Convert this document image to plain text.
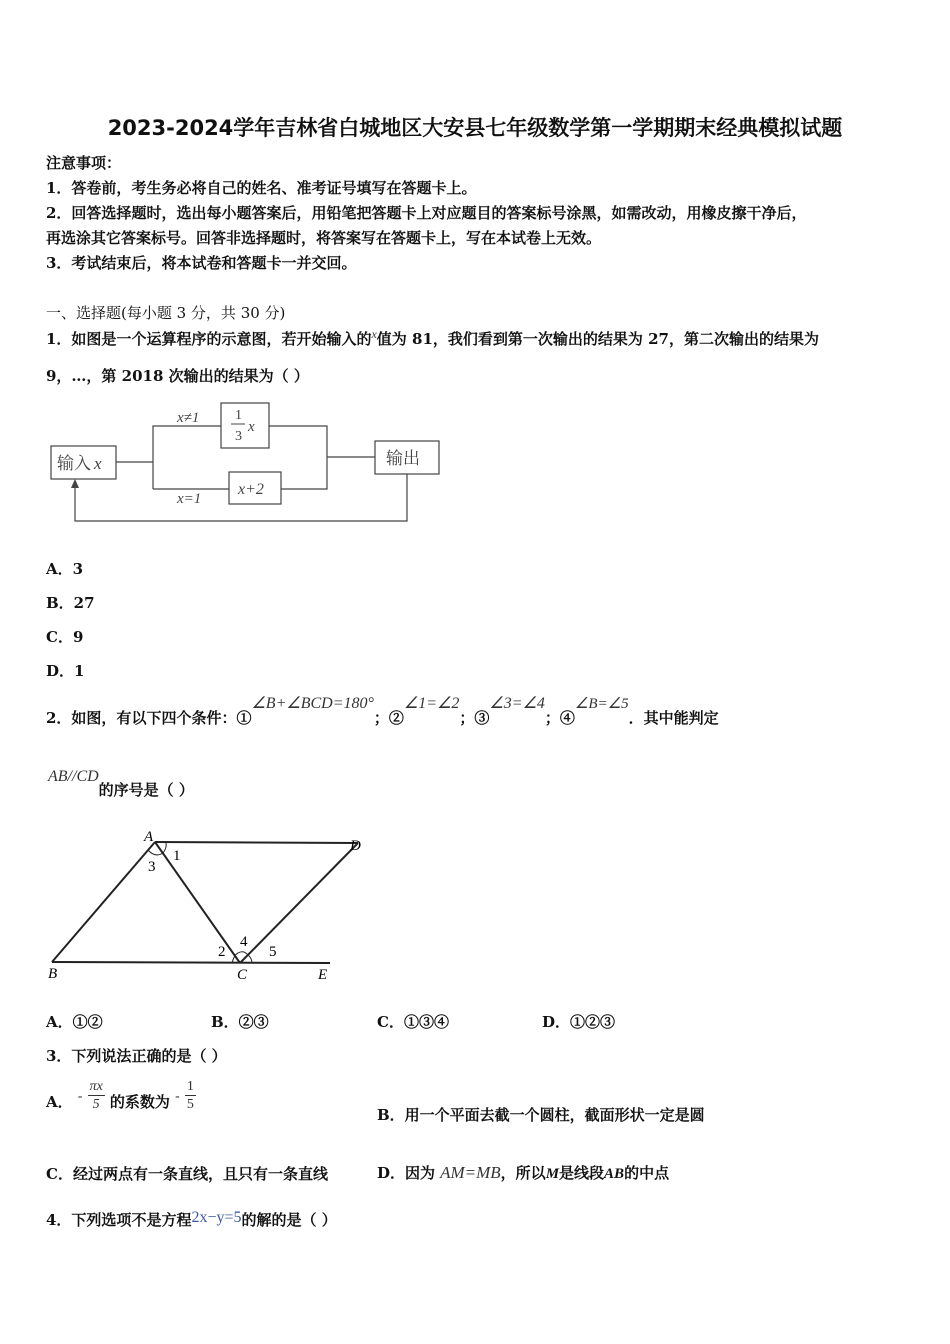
2023-2024学年吉林省白城地区大安县七年级数学第一学期期末经典模拟试题
注意事项：
1．答卷前，考生务必将自己的姓名、准考证号填写在答题卡上。
2．回答选择题时，选出每小题答案后，用铅笔把答题卡上对应题目的答案标号涂黑，如需改动，用橡皮擦干净后，
再选涂其它答案标号。回答非选择题时，将答案写在答题卡上，写在本试卷上无效。
3．考试结束后，将本试卷和答题卡一并交回。
一、选择题(每小题 3 分，共 30 分)
1．如图是一个运算程序的示意图，若开始输入的$^x$值为 81，我们看到第一次输出的结果为 27，第二次输出的结果为
9，…，第 2018 次输出的结果为（ ）
输入 x	输出
x≠1
x=1
1
3
x
x+2
A．3
B．27
C．9
D．1
2．如图，有以下四个条件：①∠B+∠BCD=180°；②∠1=∠2；③∠3=∠4；④∠B=∠5．其中能判定
AB//CD的序号是（ ）
A
D
B	C	E
1
2
3
4
5
A．①②	B．②③	C．①③④	D．①②③
3．下列说法正确的是（ ）
A． - $\frac{\pi x}{5}$ 的系数为 - $\frac{1}{5}$
B．用一个平面去截一个圆柱，截面形状一定是圆
C．经过两点有一条直线，且只有一条直线	D．因为 AM=MB，所以M是线段AB的中点
4．下列选项不是方程2x−y=5的解的是（ ）
